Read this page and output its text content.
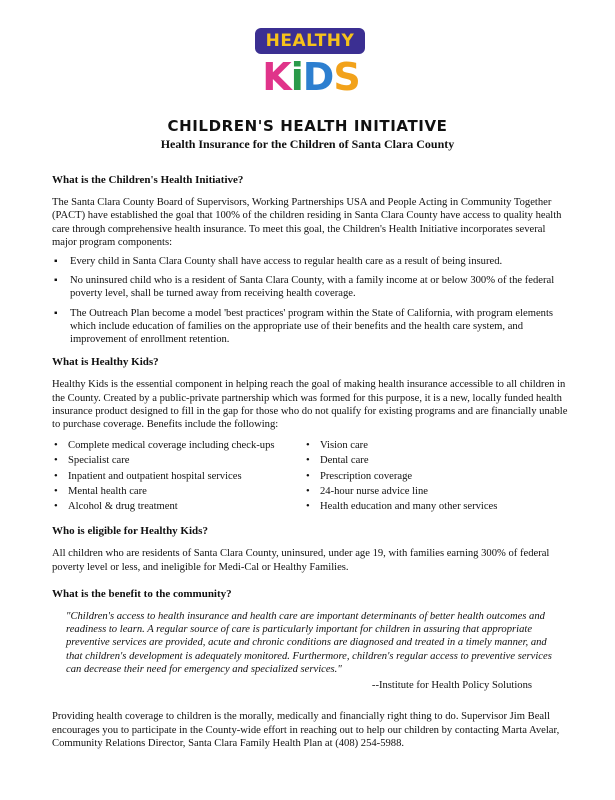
HEALTHY
KiDS
CHILDREN'S HEALTH INITIATIVE
Health Insurance for the Children of Santa Clara County
What is the Children's Health Initiative?

The Santa Clara County Board of Supervisors, Working Partnerships USA and People Acting in Community Together (PACT) have established the goal that 100% of the children residing in Santa Clara County have access to quality health care through comprehensive health insurance. To meet this goal, the Children's Health Initiative incorporates several major program components:

▪ Every child in Santa Clara County shall have access to regular health care as a result of being insured.
▪ No uninsured child who is a resident of Santa Clara County, with a family income at or below 300% of the federal poverty level, shall be turned away from receiving health coverage.
▪ The Outreach Plan become a model 'best practices' program within the State of California, with program elements which include education of families on the appropriate use of their benefits and the health care system, and improvement of enrollment retention.
What is Healthy Kids?

Healthy Kids is the essential component in helping reach the goal of making health insurance accessible to all children in the County. Created by a public-private partnership which was formed for this purpose, it is a new, locally funded health insurance product designed to fill in the gap for those who do not qualify for existing programs and are financially unable to purchase coverage. Benefits include the following:

• Complete medical coverage including check-ups
• Specialist care
• Inpatient and outpatient hospital services
• Mental health care
• Alcohol & drug treatment
• Vision care
• Dental care
• Prescription coverage
• 24-hour nurse advice line
• Health education and many other services
Who is eligible for Healthy Kids?

All children who are residents of Santa Clara County, uninsured, under age 19, with families earning 300% of federal poverty level or less, and ineligible for Medi-Cal or Healthy Families.

What is the benefit to the community?

"Children's access to health insurance and health care are important determinants of better health outcomes and readiness to learn. A regular source of care is particularly important for children in assuring that appropriate preventive services are provided, acute and chronic conditions are diagnosed and treated in a timely manner, and that children's development is adequately monitored. Furthermore, children's regular access to preventive services can decrease their need for emergency and specialized services."

--Institute for Health Policy Solutions

Providing health coverage to children is the morally, medically and financially right thing to do. Supervisor Jim Beall encourages you to participate in the County-wide effort in reaching out to help our children by contacting Marta Avelar, Community Relations Director, Santa Clara Family Health Plan at (408) 254-5988.
